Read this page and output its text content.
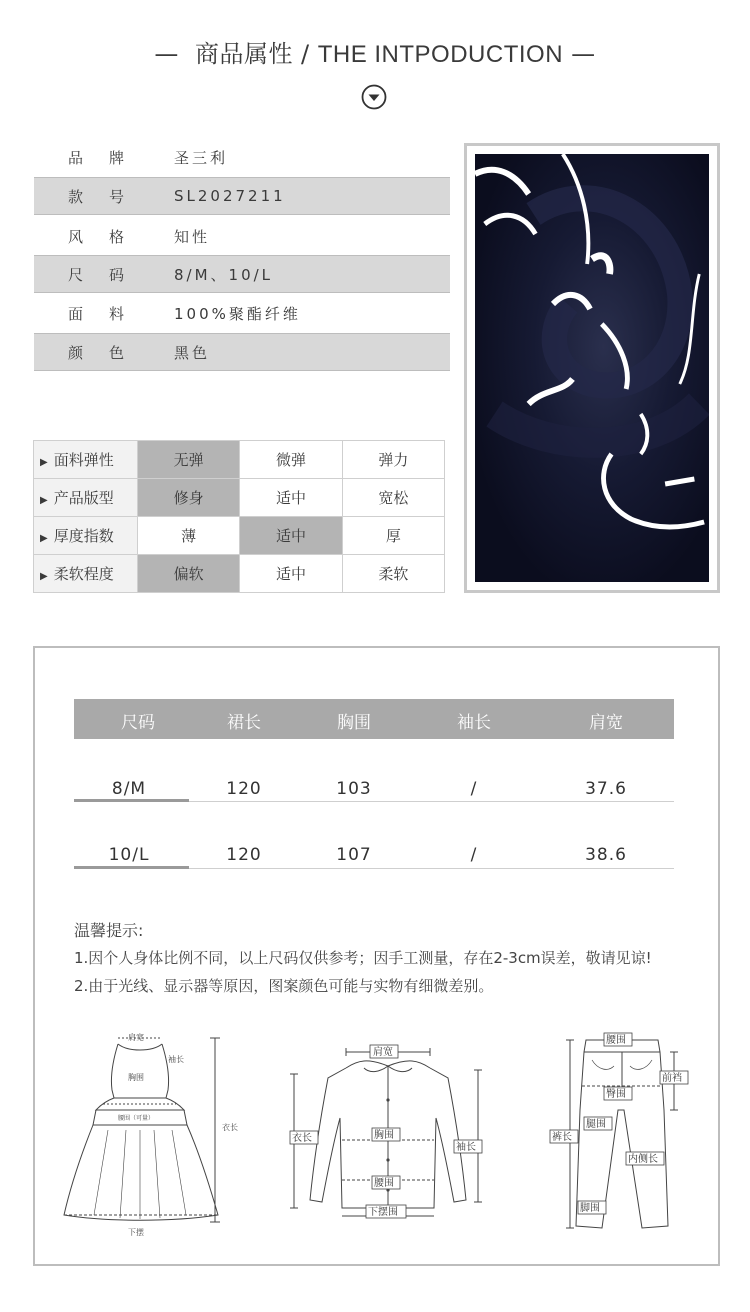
— 商品属性 / THE INTPODUCTION —
品牌	圣三利
款号	SL2027211
风格	知性
尺码	8/M、10/L
面料	100%聚酯纤维
颜色	黑色
▶ 面料弹性	无弹	微弹	弹力
▶ 产品版型	修身	适中	宽松
▶ 厚度指数	薄	适中	厚
▶ 柔软程度	偏软	适中	柔软
尺码	裙长	胸围	袖长	肩宽
8/M	120	103	/	37.6
10/L	120	107	/	38.6
温馨提示:
1.因个人身体比例不同，以上尺码仅供参考；因手工测量，存在2-3cm误差，敬请见谅!
2.由于光线、显示器等原因，图案颜色可能与实物有细微差别。
肩宽
胸围
袖长
腰围（可量）
衣长
下摆
肩宽
衣长	胸围
袖长
腰围
下摆围
腰围
前裆
臀围
腿围
裤长
内侧长
脚围
